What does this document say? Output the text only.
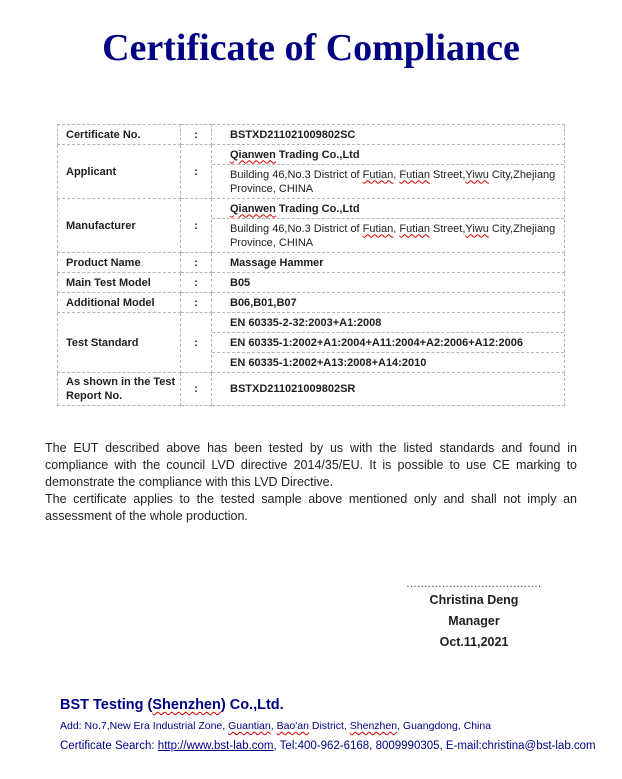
Certificate of Compliance
Certificate No.	:	BSTXD211021009802SC

Applicant	:	Qianwen Trading Co.,Ltd
Building 46,No.3 District of Futian, Futian Street,Yiwu City,Zhejiang Province, CHINA

Manufacturer	:	Qianwen Trading Co.,Ltd
Building 46,No.3 District of Futian, Futian Street,Yiwu City,Zhejiang Province, CHINA

Product Name	:	Massage Hammer

Main Test Model	:	B05

Additional Model	:	B06,B01,B07

Test Standard	:	EN 60335-2-32:2003+A1:2008
EN 60335-1:2002+A1:2004+A11:2004+A2:2006+A12:2006
EN 60335-1:2002+A13:2008+A14:2010

As shown in the Test Report No.	:	BSTXD211021009802SR

The EUT described above has been tested by us with the listed standards and found in compliance with the council LVD directive 2014/35/EU. It is possible to use CE marking to demonstrate the compliance with this LVD Directive.

The certificate applies to the tested sample above mentioned only and shall not imply an assessment of the whole production.

......................................
Christina Deng
Manager
Oct.11,2021
BST Testing (Shenzhen) Co.,Ltd.
Add: No.7,New Era Industrial Zone, Guantian, Bao'an District, Shenzhen, Guangdong, China
Certificate Search: http://www.bst-lab.com, Tel:400-962-6168, 8009990305, E-mail:christina@bst-lab.com
